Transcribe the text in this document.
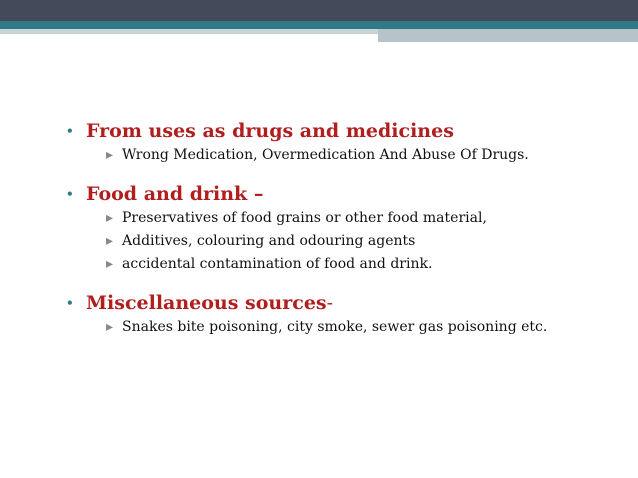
• From uses as drugs and medicines
▸ Wrong Medication, Overmedication And Abuse Of Drugs.
• Food and drink –
▸ Preservatives of food grains or other food material,
▸ Additives, colouring and odouring agents
▸ accidental contamination of food and drink.
• Miscellaneous sources-
▸ Snakes bite poisoning, city smoke, sewer gas poisoning etc.
